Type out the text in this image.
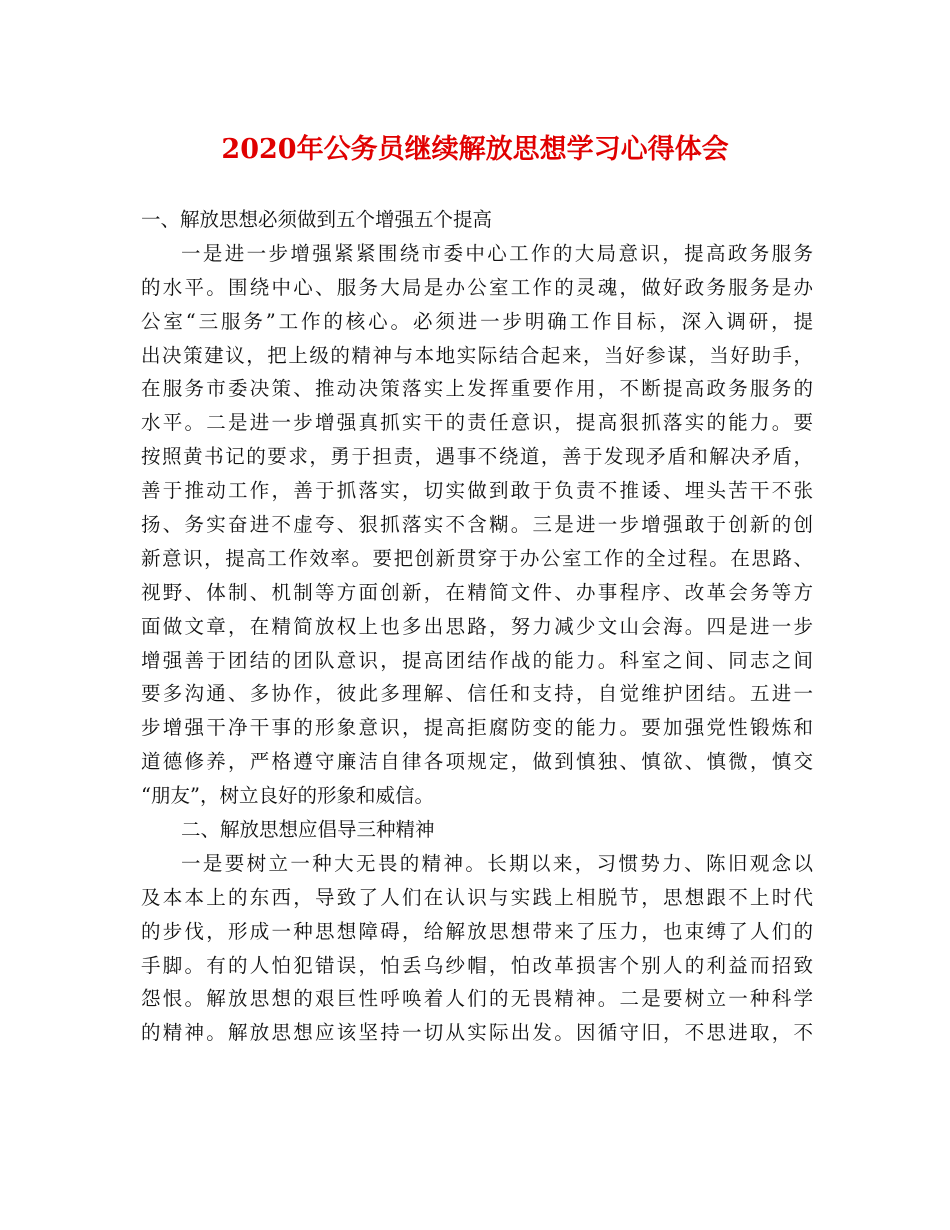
2020年公务员继续解放思想学习心得体会
一、解放思想必须做到五个增强五个提高
一是进一步增强紧紧围绕市委中心工作的大局意识，提高政务服务
的水平。围绕中心、服务大局是办公室工作的灵魂，做好政务服务是办
公室“三服务”工作的核心。必须进一步明确工作目标，深入调研，提
出决策建议，把上级的精神与本地实际结合起来，当好参谋，当好助手，
在服务市委决策、推动决策落实上发挥重要作用，不断提高政务服务的
水平。二是进一步增强真抓实干的责任意识，提高狠抓落实的能力。要
按照黄书记的要求，勇于担责，遇事不绕道，善于发现矛盾和解决矛盾，
善于推动工作，善于抓落实，切实做到敢于负责不推诿、埋头苦干不张
扬、务实奋进不虚夸、狠抓落实不含糊。三是进一步增强敢于创新的创
新意识，提高工作效率。要把创新贯穿于办公室工作的全过程。在思路、
视野、体制、机制等方面创新，在精简文件、办事程序、改革会务等方
面做文章，在精简放权上也多出思路，努力减少文山会海。四是进一步
增强善于团结的团队意识，提高团结作战的能力。科室之间、同志之间
要多沟通、多协作，彼此多理解、信任和支持，自觉维护团结。五进一
步增强干净干事的形象意识，提高拒腐防变的能力。要加强党性锻炼和
道德修养，严格遵守廉洁自律各项规定，做到慎独、慎欲、慎微，慎交
“朋友”，树立良好的形象和威信。
二、解放思想应倡导三种精神
一是要树立一种大无畏的精神。长期以来，习惯势力、陈旧观念以
及本本上的东西，导致了人们在认识与实践上相脱节，思想跟不上时代
的步伐，形成一种思想障碍，给解放思想带来了压力，也束缚了人们的
手脚。有的人怕犯错误，怕丢乌纱帽，怕改革损害个别人的利益而招致
怨恨。解放思想的艰巨性呼唤着人们的无畏精神。二是要树立一种科学
的精神。解放思想应该坚持一切从实际出发。因循守旧，不思进取，不
